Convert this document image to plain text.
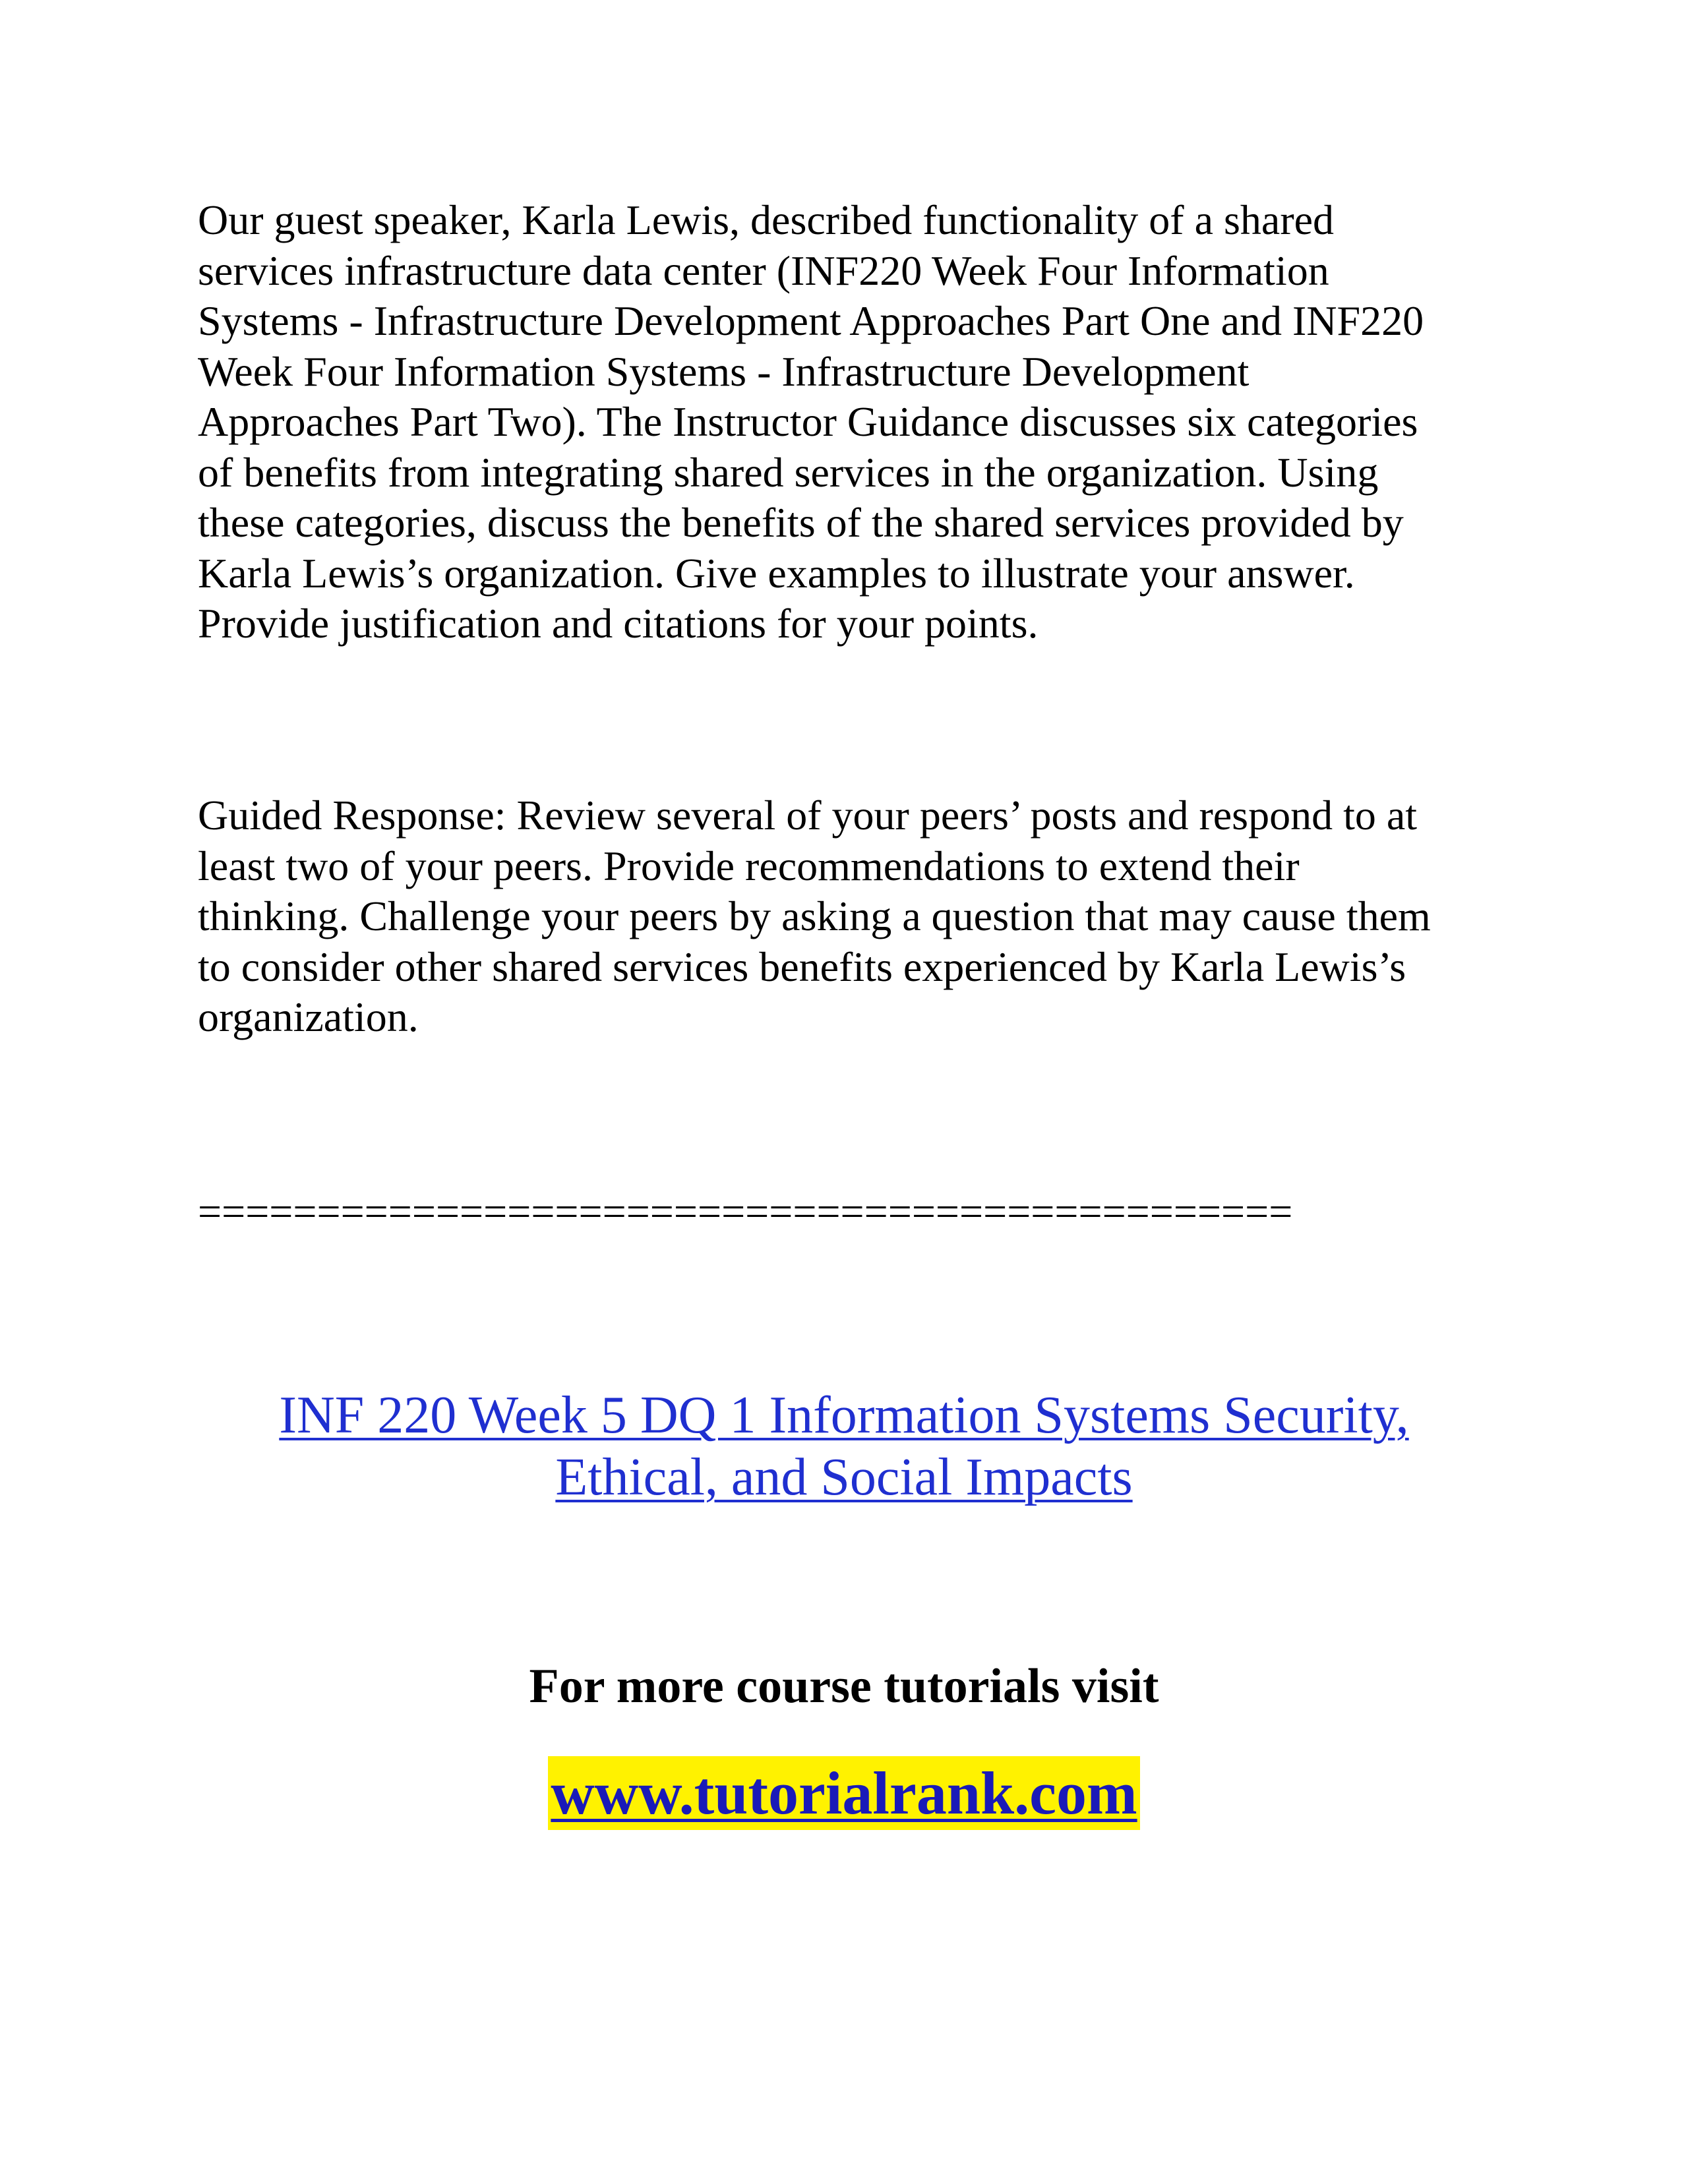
Our guest speaker, Karla Lewis, described functionality of a shared
services infrastructure data center (INF220 Week Four Information
Systems - Infrastructure Development Approaches Part One and INF220
Week Four Information Systems - Infrastructure Development
Approaches Part Two). The Instructor Guidance discusses six categories
of benefits from integrating shared services in the organization. Using
these categories, discuss the benefits of the shared services provided by
Karla Lewis’s organization. Give examples to illustrate your answer.
Provide justification and citations for your points.

Guided Response: Review several of your peers’ posts and respond to at
least two of your peers. Provide recommendations to extend their
thinking. Challenge your peers by asking a question that may cause them
to consider other shared services benefits experienced by Karla Lewis’s
organization.

==============================================

INF 220 Week 5 DQ 1 Information Systems Security,
Ethical, and Social Impacts

For more course tutorials visit

www.tutorialrank.com
